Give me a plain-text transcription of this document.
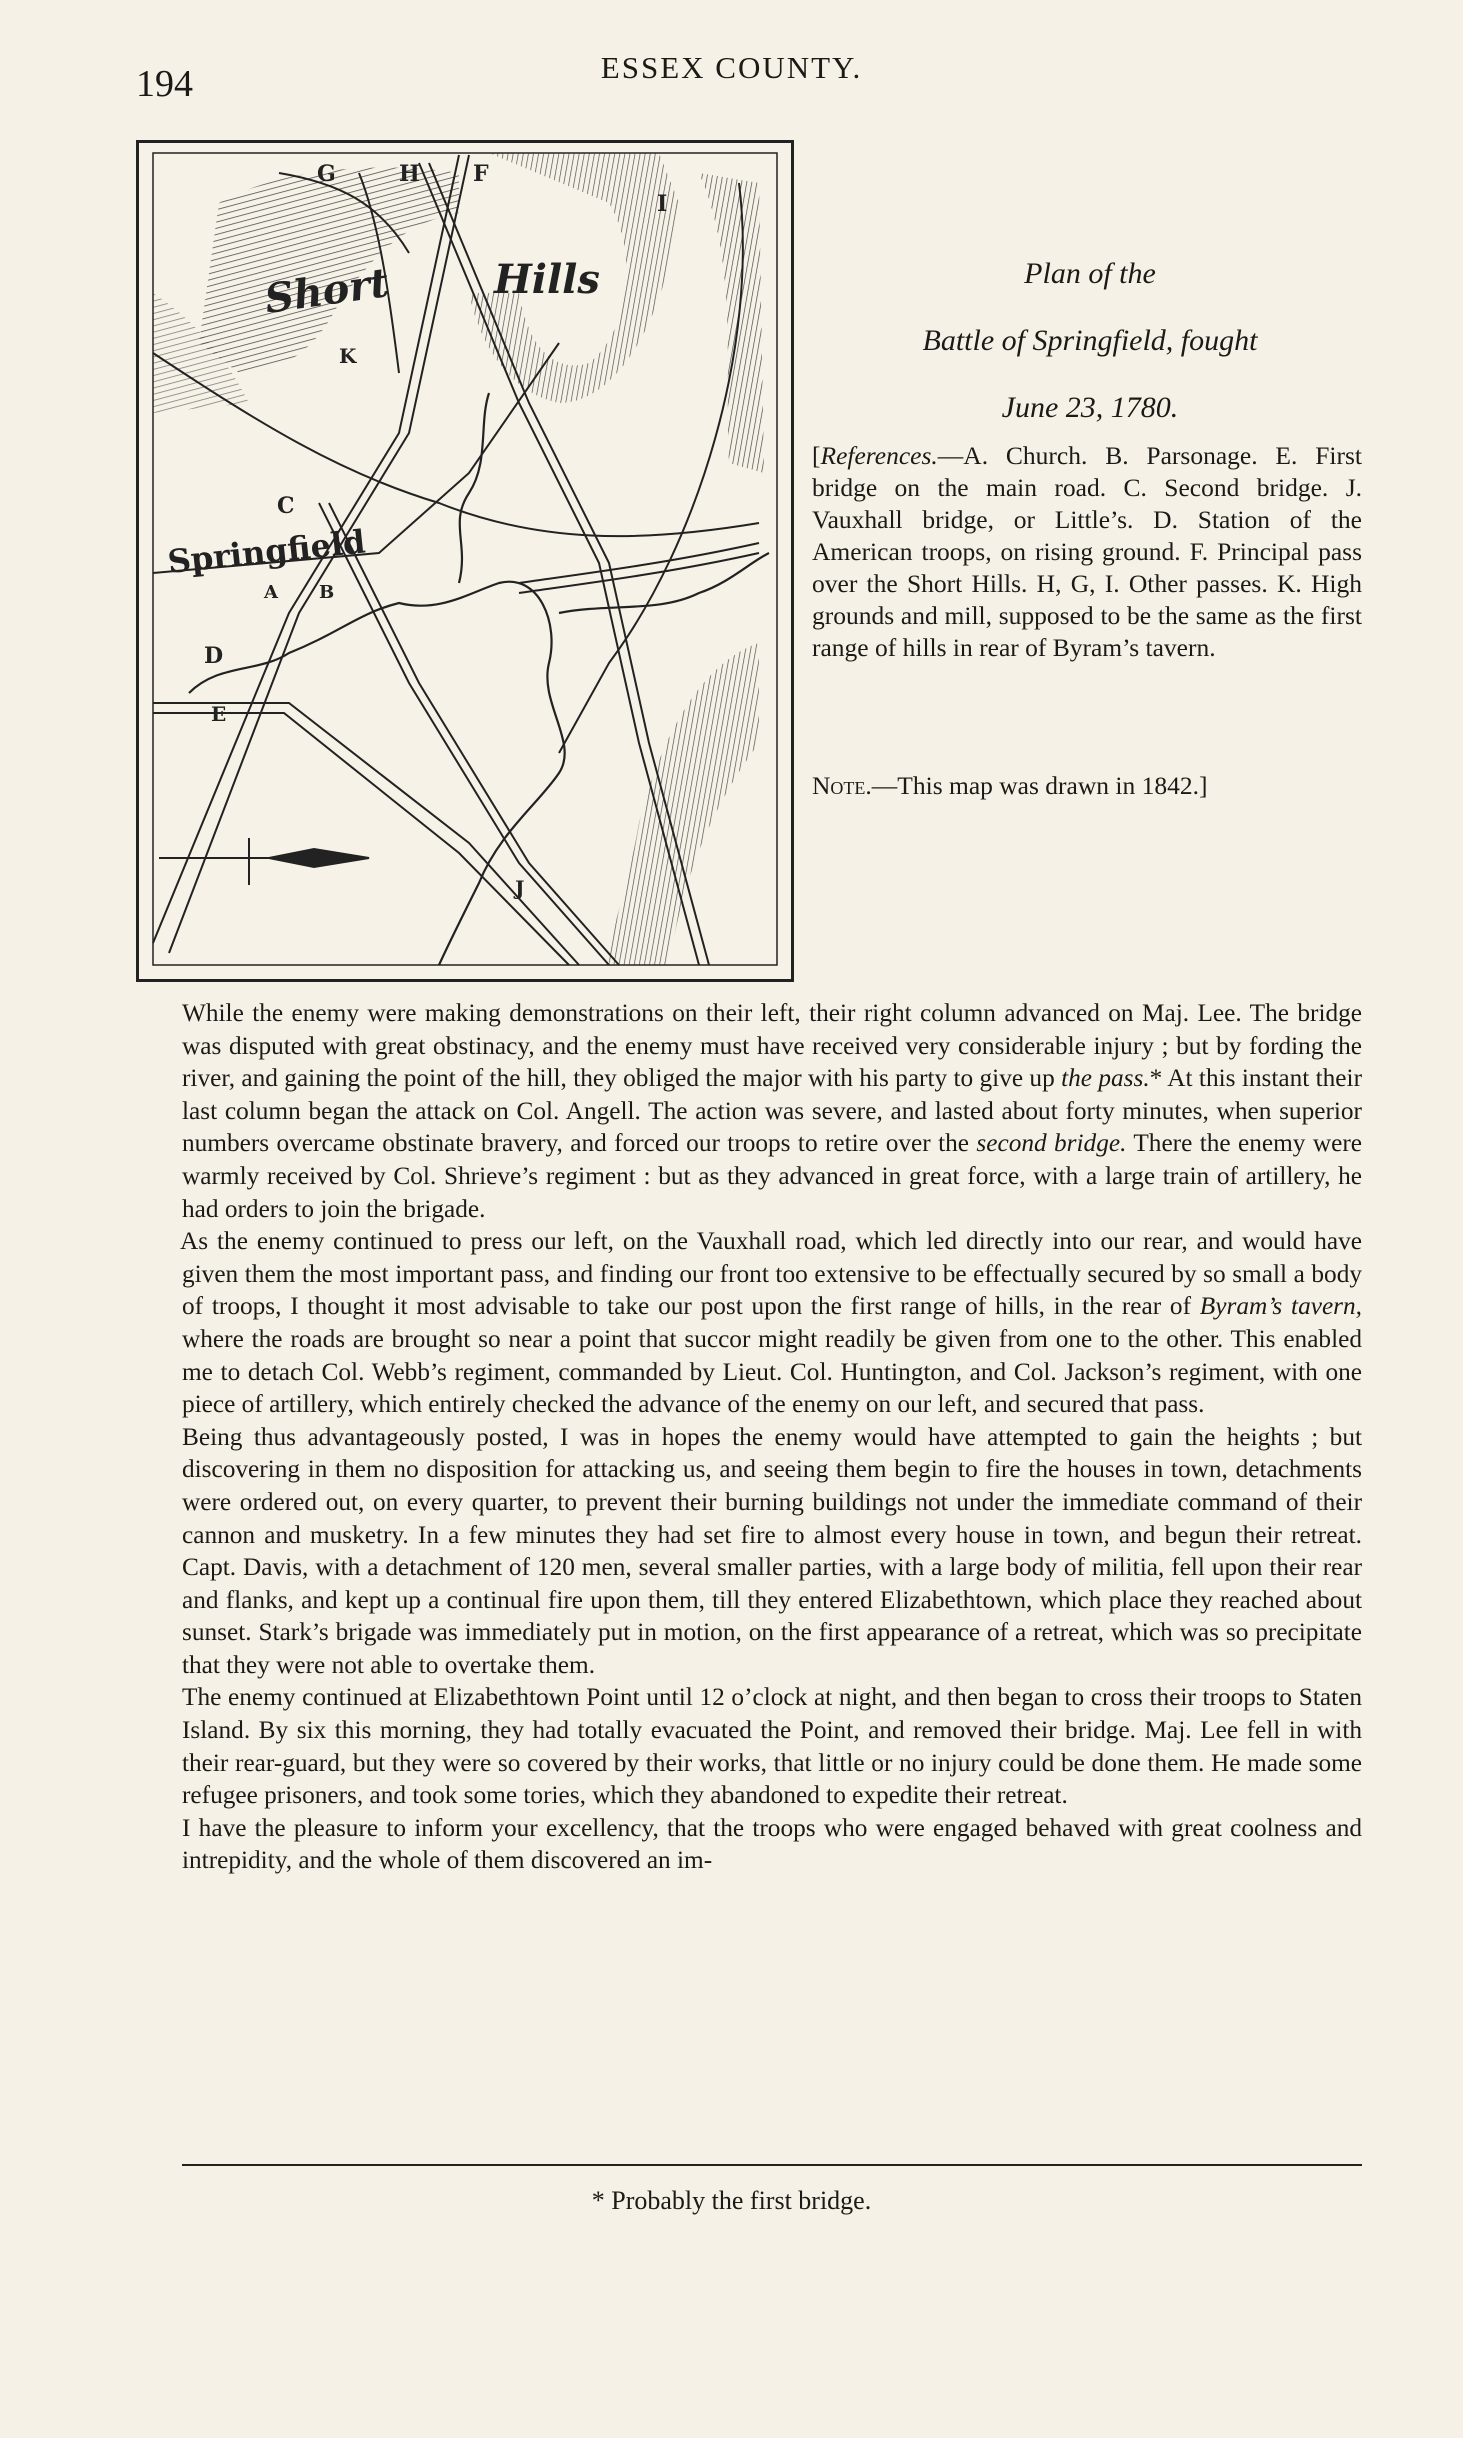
194	ESSEX COUNTY.
Short	Hills
Springfield
G	H F
I
K
C
A B
D
E
J
Plan of the
Battle of Springfield, fought
June 23, 1780.
[References.—A. Church. B. Parsonage. E. First bridge on the main road. C. Second bridge. J. Vauxhall bridge, or Little’s. D. Station of the American troops, on rising ground. F. Principal pass over the Short Hills. H, G, I. Other passes. K. High grounds and mill, supposed to be the same as the first range of hills in rear of Byram’s tavern.
Note.—This map was drawn in 1842.]

While the enemy were making demonstrations on their left, their right column advanced on Maj. Lee. The bridge was disputed with great obstinacy, and the enemy must have received very considerable injury ; but by fording the river, and gaining the point of the hill, they obliged the major with his party to give up the pass.* At this instant their last column began the attack on Col. Angell. The action was severe, and lasted about forty minutes, when superior numbers overcame obstinate bravery, and forced our troops to retire over the second bridge. There the enemy were warmly received by Col. Shrieve’s regiment : but as they advanced in great force, with a large train of artillery, he had orders to join the brigade.

As the enemy continued to press our left, on the Vauxhall road, which led directly into our rear, and would have given them the most important pass, and finding our front too extensive to be effectually secured by so small a body of troops, I thought it most advisable to take our post upon the first range of hills, in the rear of Byram’s tavern, where the roads are brought so near a point that succor might readily be given from one to the other. This enabled me to detach Col. Webb’s regiment, commanded by Lieut. Col. Huntington, and Col. Jackson’s regiment, with one piece of artillery, which entirely checked the advance of the enemy on our left, and secured that pass.

Being thus advantageously posted, I was in hopes the enemy would have attempted to gain the heights ; but discovering in them no disposition for attacking us, and seeing them begin to fire the houses in town, detachments were ordered out, on every quarter, to prevent their burning buildings not under the immediate command of their cannon and musketry. In a few minutes they had set fire to almost every house in town, and begun their retreat. Capt. Davis, with a detachment of 120 men, several smaller parties, with a large body of militia, fell upon their rear and flanks, and kept up a continual fire upon them, till they entered Elizabethtown, which place they reached about sunset. Stark’s brigade was immediately put in motion, on the first appearance of a retreat, which was so precipitate that they were not able to overtake them.

The enemy continued at Elizabethtown Point until 12 o’clock at night, and then began to cross their troops to Staten Island. By six this morning, they had totally evacuated the Point, and removed their bridge. Maj. Lee fell in with their rear-guard, but they were so covered by their works, that little or no injury could be done them. He made some refugee prisoners, and took some tories, which they abandoned to expedite their retreat.

I have the pleasure to inform your excellency, that the troops who were engaged behaved with great coolness and intrepidity, and the whole of them discovered an im-

* Probably the first bridge.
